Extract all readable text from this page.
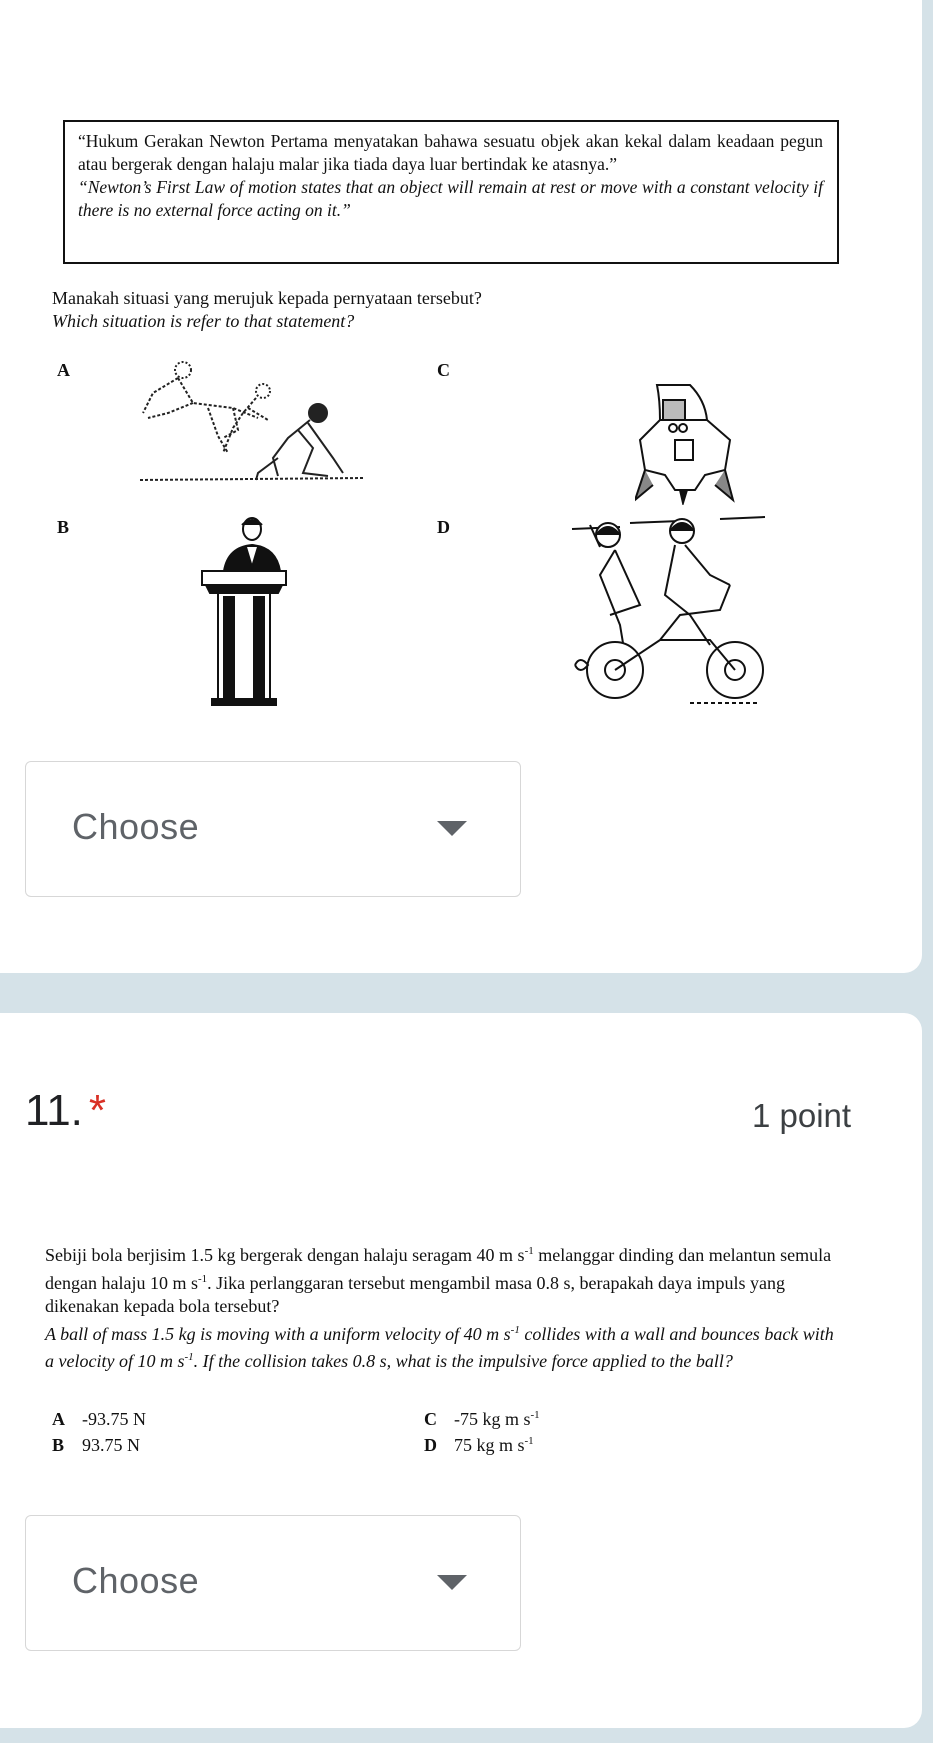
“Hukum Gerakan Newton Pertama menyatakan bahawa sesuatu objek akan kekal dalam keadaan pegun atau bergerak dengan halaju malar jika tiada daya luar bertindak ke atasnya.”

“Newton’s First Law of motion states that an object will remain at rest or move with a constant velocity if there is no external force acting on it.”

Manakah situasi yang merujuk kepada pernyataan tersebut?

Which situation is refer to that statement?

A
B
C
D
Choose
11. *	1 point

Sebiji bola berjisim 1.5 kg bergerak dengan halaju seragam 40 m $s^{-1}$ melanggar dinding dan melantun semula dengan halaju 10 m $s^{-1}$. Jika perlanggaran tersebut mengambil masa 0.8 s, berapakah daya impuls yang dikenakan kepada bola tersebut?

A ball of mass 1.5 kg is moving with a uniform velocity of 40 m $s^{-1}$ collides with a wall and bounces back with a velocity of 10 m $s^{-1}$. If the collision takes 0.8 s, what is the impulsive force applied to the ball?

A -93.75 N
B 93.75 N
C -75 kg m $s^{-1}$
D 75 kg m $s^{-1}$
Choose
